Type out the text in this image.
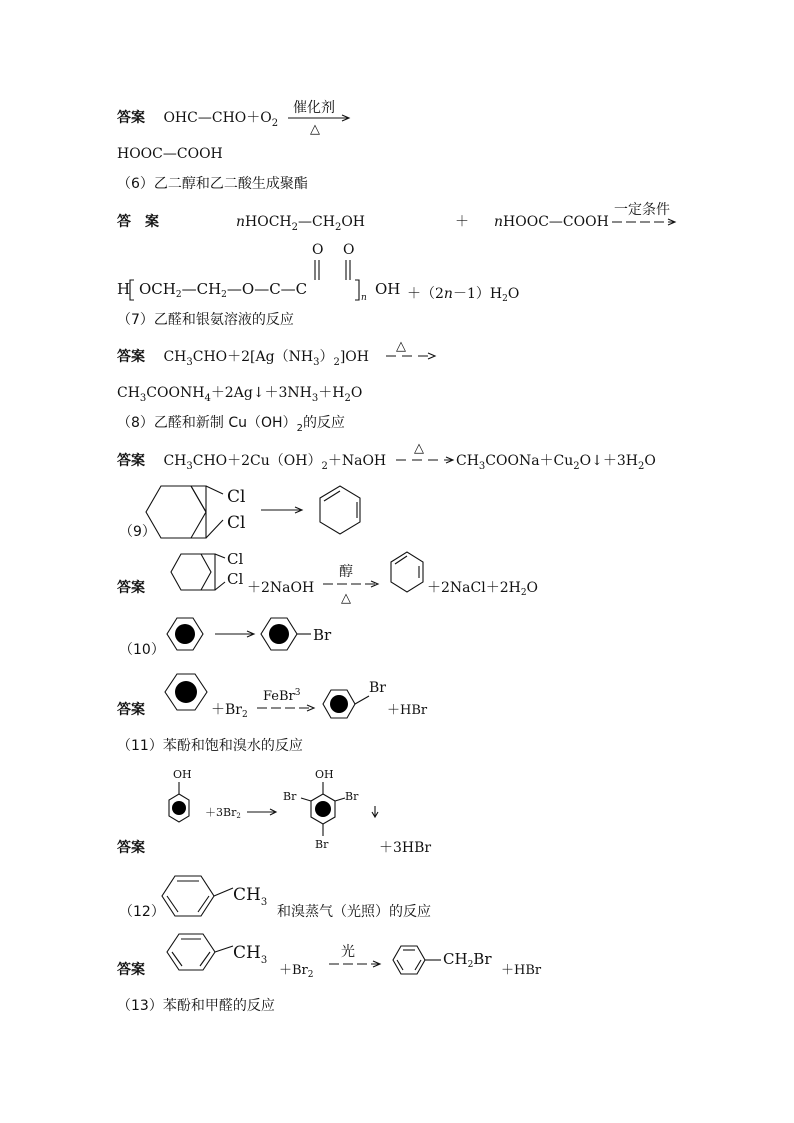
答案 $OHC—CHO+O_2$
催化剂
△
HOOC—COOH
（6）乙二醇和乙二酸生成聚酯
答　案	$nHOCH_2—CH_2OH$	＋ nHOOC—COOH
一定条件
H $OCH_2—CH_2—O—C—C$
O O
n OH $+(2n-1)H_2O$
（7）乙醛和银氨溶液的反应
答案 $CH_3CHO+2[Ag(NH_3)_2]OH$
△
$CH_3COONH_4+2Ag↓+3NH_3+H_2O$
（8）乙醛和新制 $Cu(OH)_2$的反应
答案 $CH_3CHO+2Cu(OH)_2+NaOH$
△
$CH_3COONa+Cu_2O↓+3H_2O$
（9）
Cl
Cl
答案
Cl
Cl ＋2NaOH
醇
△
$+2NaCl+2H_2O$
（10）
Br
答案	$+Br_2$
FeBr$^3$	Br
＋HBr
（11）苯酚和饱和溴水的反应
答案
OH
＋3Br2
OH
Br	Br
Br	＋3HBr
（12）
$CH_3$
和溴蒸气（光照）的反应
答案
$CH_3$
$+Br_2$
光	$CH_2Br$
＋HBr
（13）苯酚和甲醛的反应
